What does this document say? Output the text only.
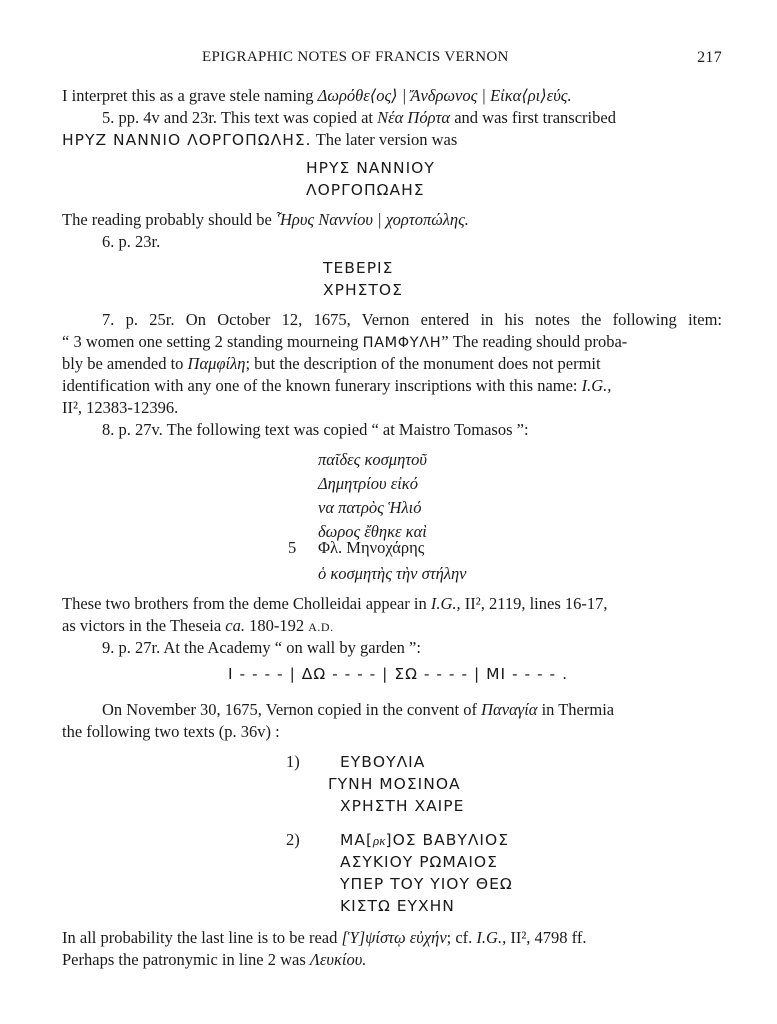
EPIGRAPHIC NOTES OF FRANCIS VERNON	217
I interpret this as a grave stele naming Δωρόθε⟨ος⟩ | Ἄνδρωνος | Εἰκα⟨ρι⟩εύς.
5. pp. 4v and 23r. This text was copied at Νέα Πόρτα and was first transcribed
ΗΡΥΖ ΝΑΝΝΙΟ ΛΟΡΓΟΠΩΛΗΣ. The later version was
ΗΡΥΣ ΝΑΝΝΙΟΥ
ΛΟΡΓΟΠΩΑΗΣ
The reading probably should be Ἧρυς Ναννίου | χορτοπώλης.
6. p. 23r.
ΤΕΒΕΡΙΣ
ΧΡΗΣΤΟΣ
7. p. 25r. On October 12, 1675, Vernon entered in his notes the following item:
“ 3 women one setting 2 standing mourneing ΠΑΜΦΥΛΗ” The reading should proba-
bly be amended to Παμφίλη; but the description of the monument does not permit
identification with any one of the known funerary inscriptions with this name: I.G.,
II², 12383-12396.
8. p. 27v. The following text was copied “ at Maistro Tomasos ”:
παῖδες κοσμητοῦ
Δημητρίου εἰκό
να πατρὸς Ἡλιό
δωρος ἔθηκε καὶ
5 Φλ. Μηνοχάρης
ὁ κοσμητὴς τὴν στήλην
These two brothers from the deme Cholleidai appear in I.G., II², 2119, lines 16-17,
as victors in the Theseia ca. 180-192 A.D.
9. p. 27r. At the Academy “ on wall by garden ”:
Ι - - - - | ΔΩ - - - - | ΣΩ - - - - | ΜΙ - - - - .
On November 30, 1675, Vernon copied in the convent of Παναγία in Thermia
the following two texts (p. 36v) :
1)	ΕΥΒΟΥΛΙΑ
ΓΥΝΗ ΜΟΣΙΝΟΑ
ΧΡΗΣΤΗ ΧΑΙΡΕ
2)	ΜΑ[ρκ]ΟΣ ΒΑΒΥΛΙΟΣ
ΑΣΥΚΙΟΥ ΡΩΜΑΙΟΣ
ΥΠΕΡ ΤΟΥ ΥΙΟΥ ΘΕΩ
ΚΙΣΤΩ ΕΥΧΗΝ
In all probability the last line is to be read [Ὑ]ψίστῳ εὐχήν; cf. I.G., II², 4798 ff.
Perhaps the patronymic in line 2 was Λευκίου.
